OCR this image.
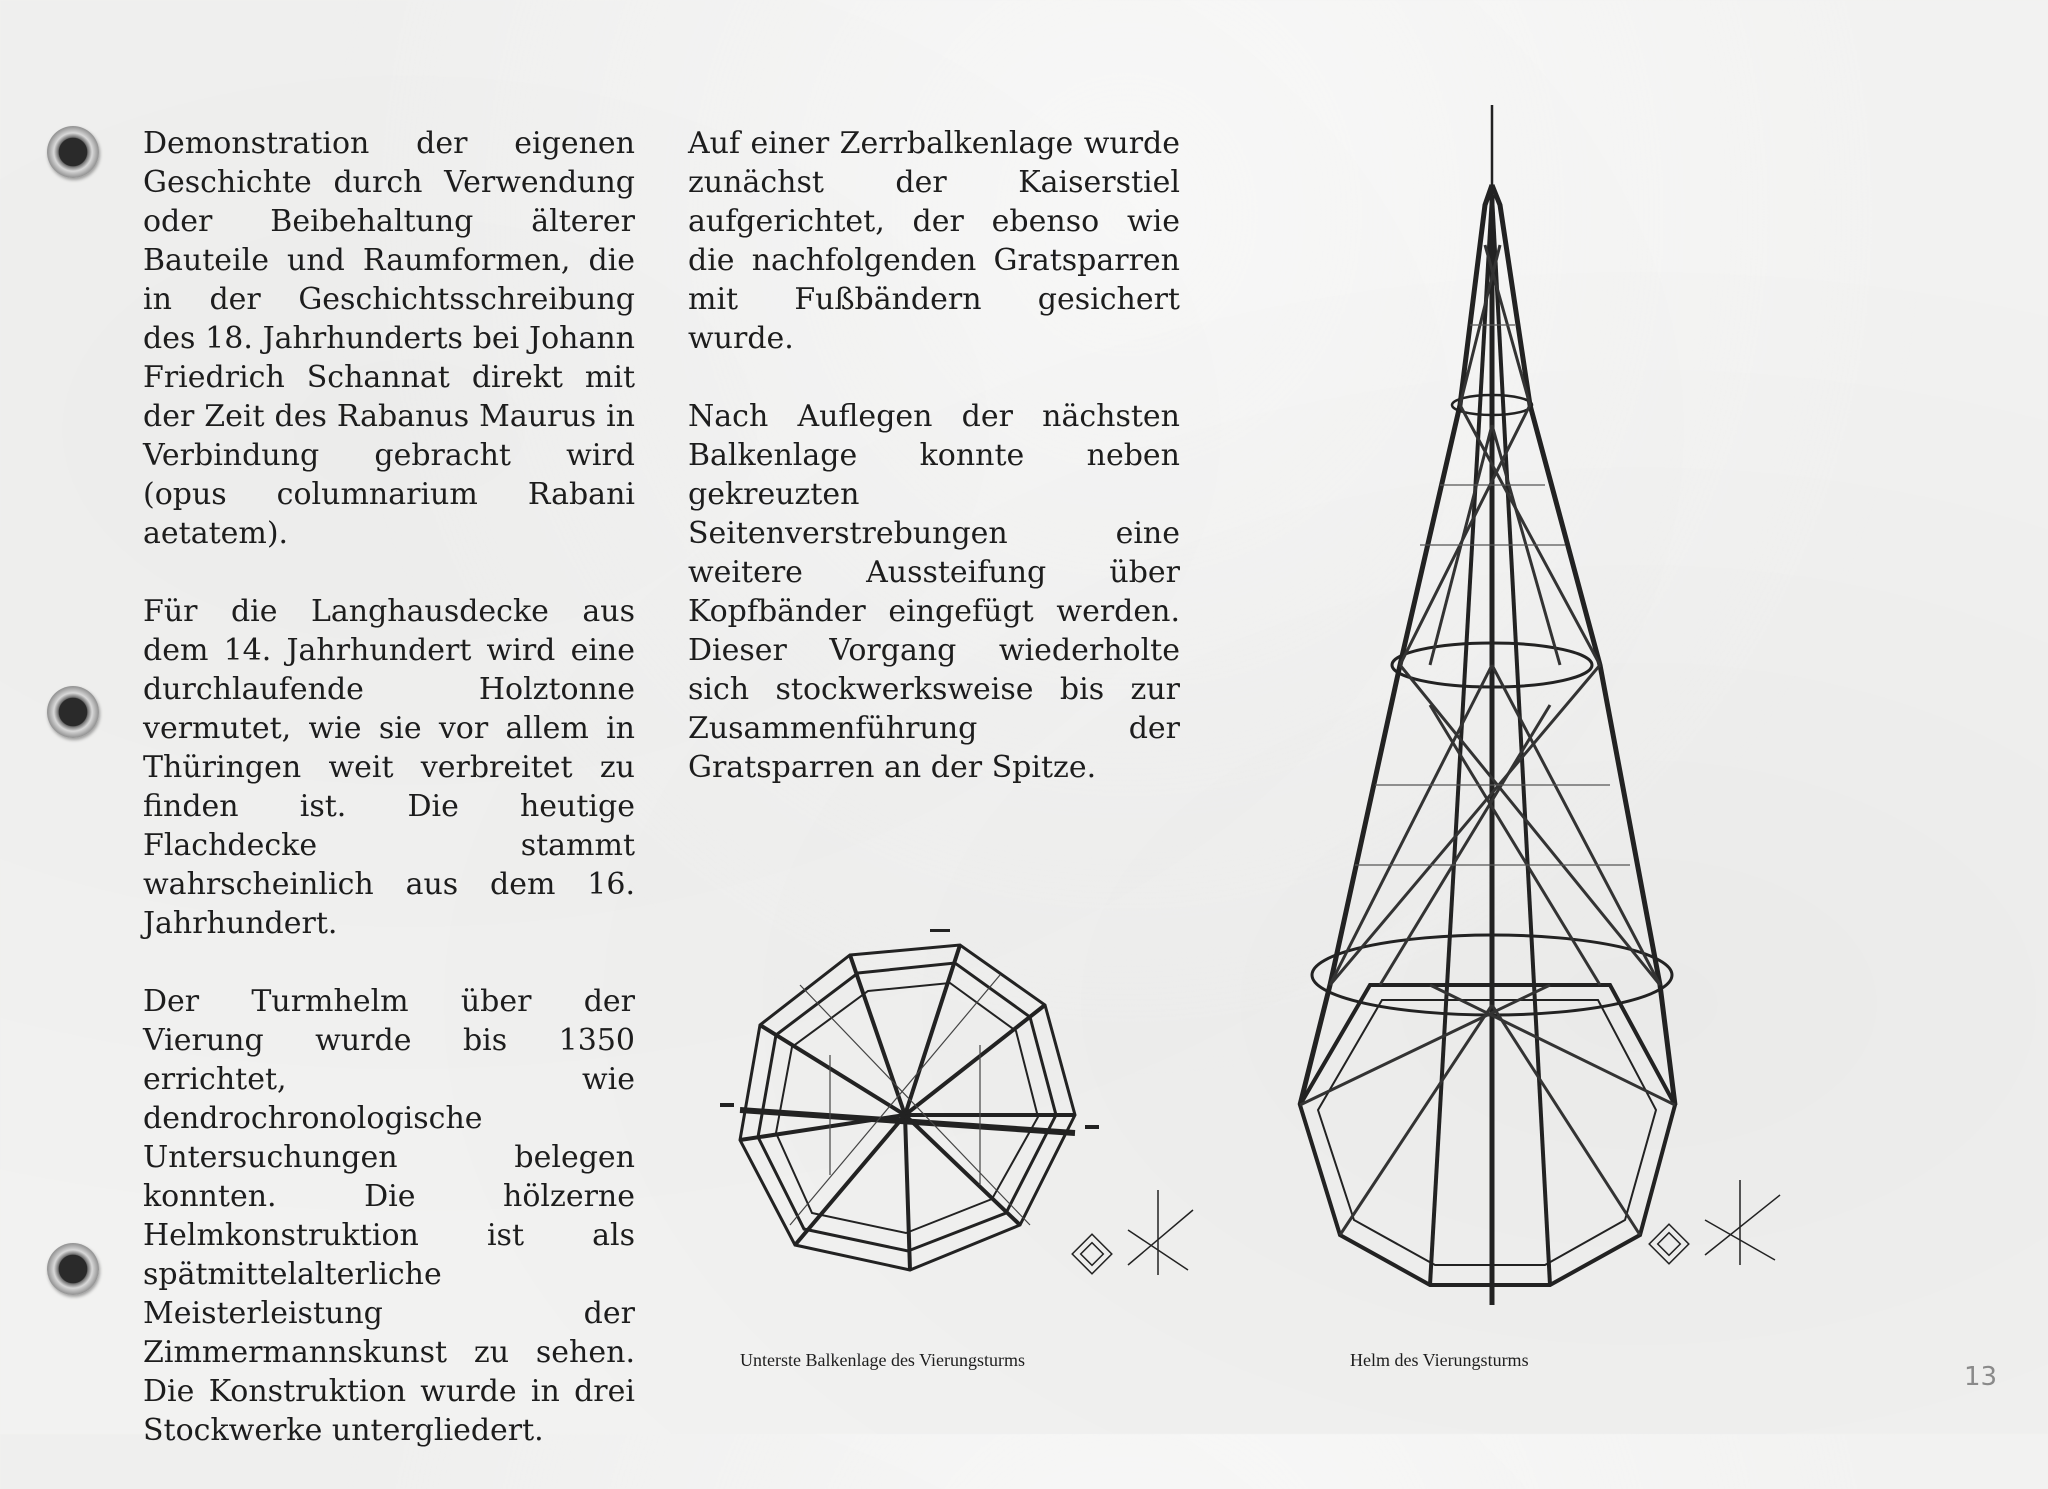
Demonstration der eigenen Geschichte durch Verwendung oder Beibehaltung älterer Bauteile und Raumformen, die in der Geschichtsschreibung des 18. Jahrhunderts bei Johann Friedrich Schannat direkt mit der Zeit des Rabanus Maurus in Verbindung gebracht wird (opus columnarium Rabani aetatem).

Für die Langhausdecke aus dem 14. Jahrhundert wird eine durchlaufende Holztonne vermutet, wie sie vor allem in Thüringen weit verbreitet zu finden ist. Die heutige Flachdecke stammt wahrscheinlich aus dem 16. Jahrhundert.

Der Turmhelm über der Vierung wurde bis 1350 errichtet, wie dendrochronologische Untersuchungen belegen konnten. Die hölzerne Helmkonstruktion ist als spätmittelalterliche Meisterleistung der Zimmermannskunst zu sehen. Die Konstruktion wurde in drei Stockwerke untergliedert.

Auf einer Zerrbalkenlage wurde zunächst der Kaiserstiel aufgerichtet, der ebenso wie die nachfolgenden Gratsparren mit Fußbändern gesichert wurde.

Nach Auflegen der nächsten Balkenlage konnte neben gekreuzten Seitenverstrebungen eine weitere Aussteifung über Kopfbänder eingefügt werden. Dieser Vorgang wiederholte sich stockwerksweise bis zur Zusammenführung der Gratsparren an der Spitze.

Unterste Balkenlage des Vierungsturms	Helm des Vierungsturms
13
